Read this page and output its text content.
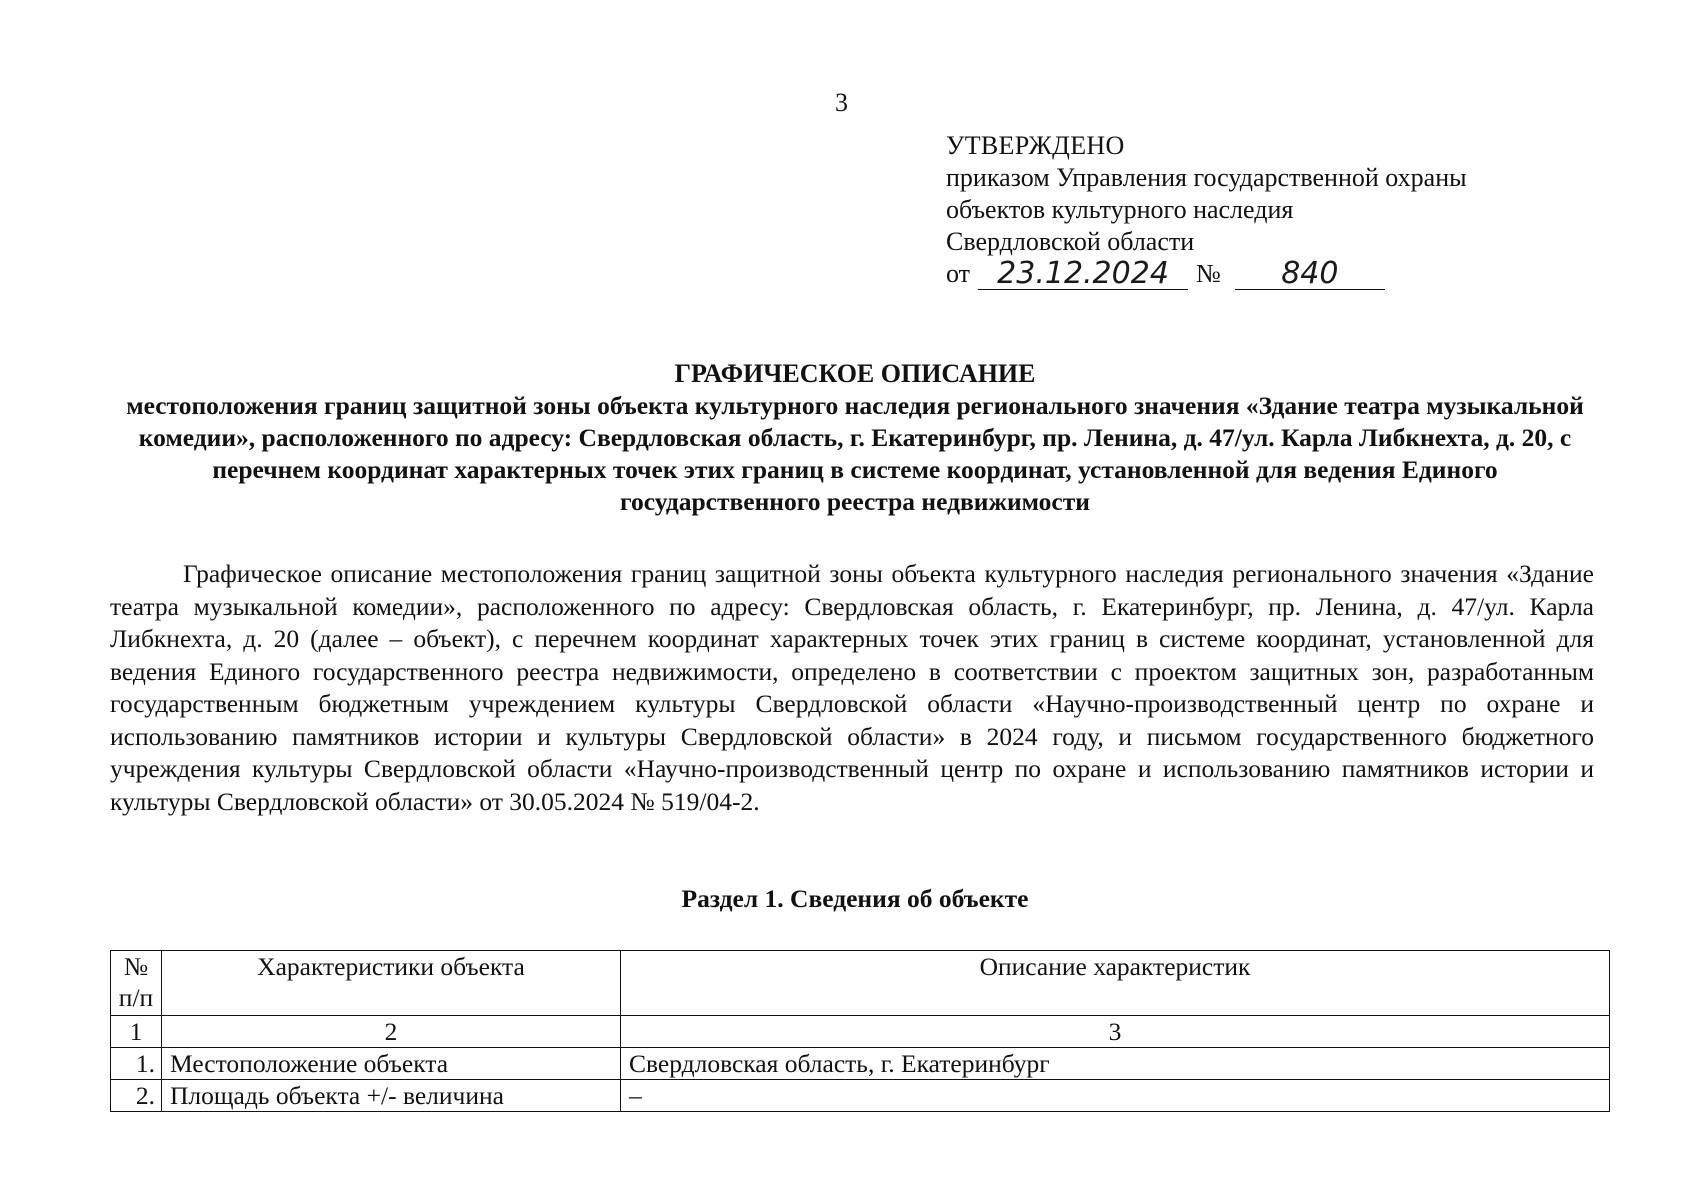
3
УТВЕРЖДЕНО
приказом Управления государственной охраны
объектов культурного наследия
Свердловской области
от 23.12.2024	№	840
ГРАФИЧЕСКОЕ ОПИСАНИЕ
местоположения границ защитной зоны объекта культурного наследия регионального значения «Здание театра музыкальной комедии», расположенного по адресу: Свердловская область, г. Екатеринбург, пр. Ленина, д. 47/ул. Карла Либкнехта, д. 20, с перечнем координат характерных точек этих границ в системе координат, установленной для ведения Единого государственного реестра недвижимости
Графическое описание местоположения границ защитной зоны объекта культурного наследия регионального значения «Здание театра музыкальной комедии», расположенного по адресу: Свердловская область, г. Екатеринбург, пр. Ленина, д. 47/ул. Карла Либкнехта, д. 20 (далее – объект), с перечнем координат характерных точек этих границ в системе координат, установленной для ведения Единого государственного реестра недвижимости, определено в соответствии с проектом защитных зон, разработанным государственным бюджетным учреждением культуры Свердловской области «Научно-производственный центр по охране и использованию памятников истории и культуры Свердловской области» в 2024 году, и письмом государственного бюджетного учреждения культуры Свердловской области «Научно-производственный центр по охране и использованию памятников истории и культуры Свердловской области» от 30.05.2024 № 519/04-2.
Раздел 1. Сведения об объекте
№ п/п	Характеристики объекта	Описание характеристик
1	2	3
1.	Местоположение объекта	Свердловская область, г. Екатеринбург
2.	Площадь объекта +/- величина	–
